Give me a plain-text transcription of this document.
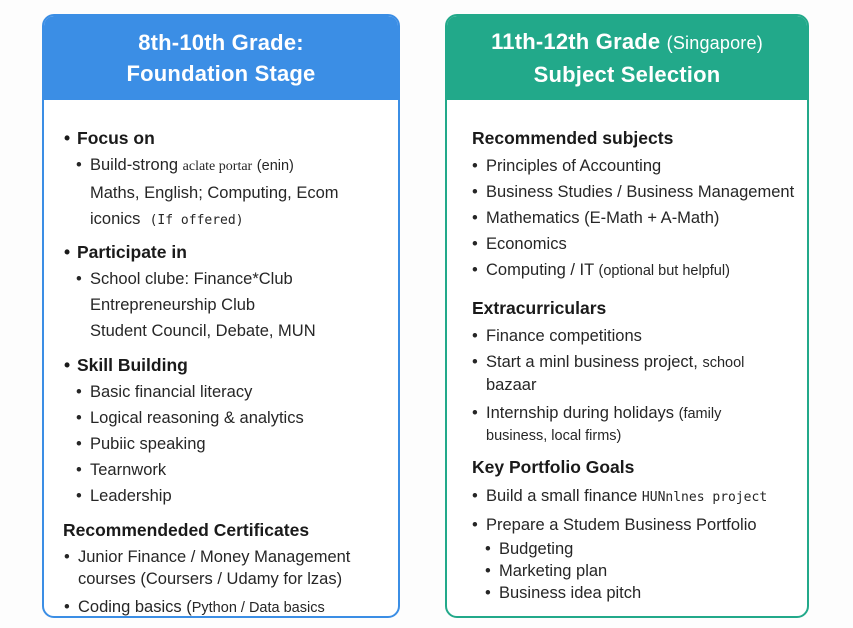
8th-10th Grade:
Foundation Stage
• Focus on
• Build-strong aclate portar (enin)
Maths, English; Computing, Ecom
iconics (If offered)
• Participate in
• School clube: Finance*Club
Entrepreneurship Club
Student Council, Debate, MUN
• Skill Building
• Basic financial literacy
• Logical reasoning & analytics
• Pubiic speaking
• Tearnwork
• Leadership
Recommendeded Certificates
• Junior Finance / Money Management
courses (Coursers / Udamy for lzas)
• Coding basics (Python / Data basics
11th-12th Grade (Singapore)
Subject Selection
Recommended subjects
• Principles of Accounting
• Business Studies / Business Management
• Mathematics (E-Math + A-Math)
• Economics
• Computing / IT (optional but helpful)
Extracurriculars
• Finance competitions
• Start a minl business project, school
bazaar
• Internship during holidays (family
business, local firms)
Key Portfolio Goals
• Build a small finance HUNnlnes project
• Prepare a Studem Business Portfolio
• Budgeting
• Marketing plan
• Business idea pitch
